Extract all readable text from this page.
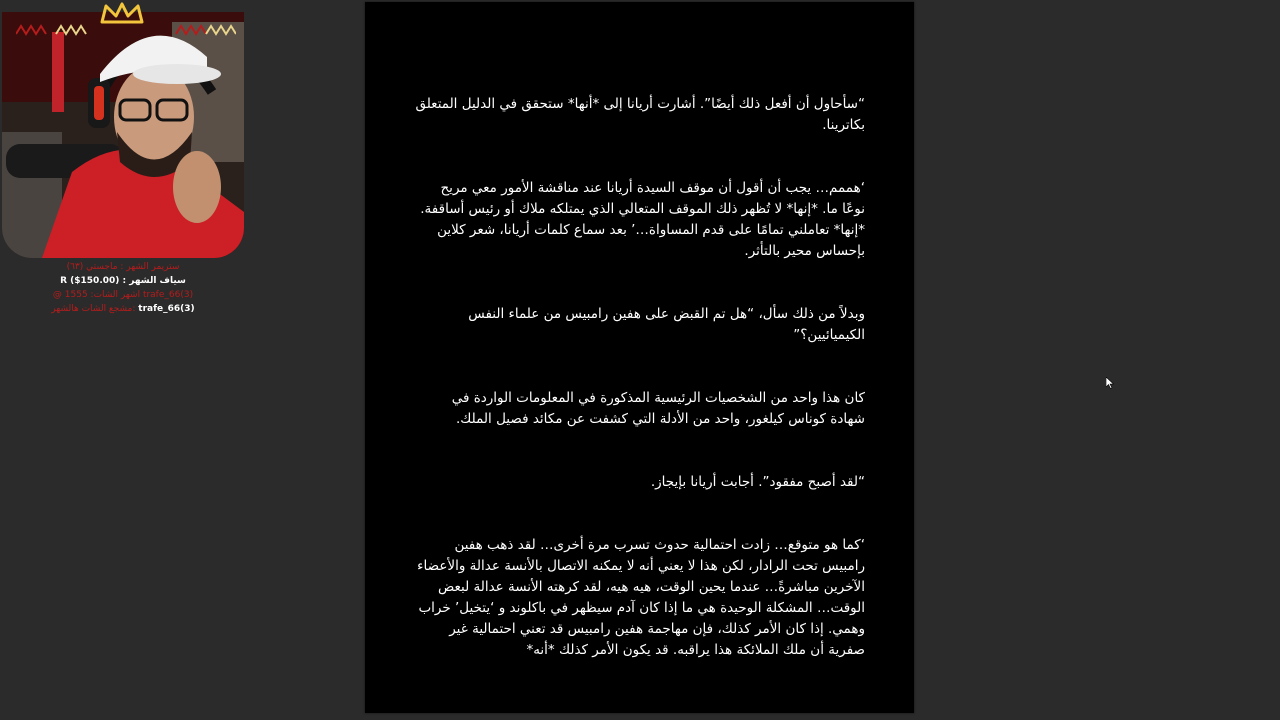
ستريمر الشهر : ماجستي (٦٣)
R ($150.00) : سياف الشهر
@ اشهر الشات: 1555 trafe_66(3)
مشجع الشات هالشهر: trafe_66(3)

“سأحاول أن أفعل ذلك أيضًا”. أشارت أريانا إلى *أنها* ستحقق في الدليل المتعلق بكاترينا.

‘هممم… يجب أن أقول أن موقف السيدة أريانا عند مناقشة الأمور معي مريح نوعًا ما. *إنها* لا تُظهر ذلك الموقف المتعالي الذي يمتلكه ملاك أو رئيس أساقفة. *إنها* تعاملني تمامًا على قدم المساواة…’ بعد سماع كلمات أريانا، شعر كلاين بإحساس محير بالتأثر.

وبدلاً من ذلك سأل، “هل تم القبض على هفين رامبيس من علماء النفس الكيميائيين؟”

كان هذا واحد من الشخصيات الرئيسية المذكورة في المعلومات الواردة في شهادة كوناس كيلغور، واحد من الأدلة التي كشفت عن مكائد فصيل الملك.

“لقد أصبح مفقود”. أجابت أريانا بإيجاز.

‘كما هو متوقع… زادت احتمالية حدوث تسرب مرة أخرى… لقد ذهب هفين رامبيس تحت الرادار، لكن هذا لا يعني أنه لا يمكنه الاتصال بالأنسة عدالة والأعضاء الآخرين مباشرةً… عندما يحين الوقت، هيه هيه، لقد كرهته الأنسة عدالة لبعض الوقت… المشكلة الوحيدة هي ما إذا كان آدم سيظهر في باكلوند و ‘يتخيل’ خراب وهمي. إذا كان الأمر كذلك، فإن مهاجمة هفين رامبيس قد تعني احتمالية غير صفرية أن ملك الملائكة هذا يراقبه. قد يكون الأمر كذلك *أنه*
